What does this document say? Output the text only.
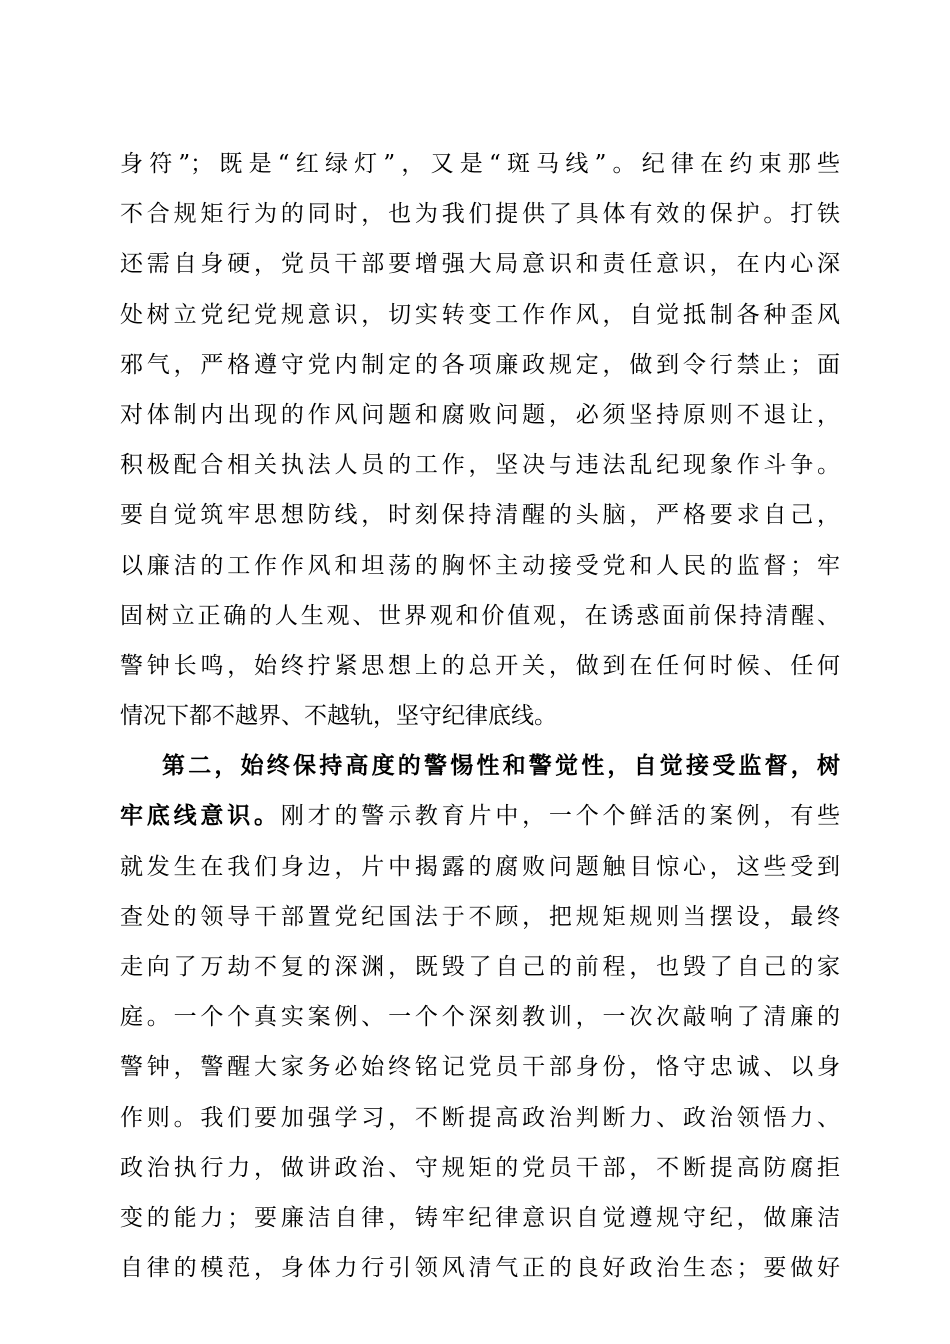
身符”；既是“红绿灯”，又是“斑马线”。纪律在约束那些
不合规矩行为的同时，也为我们提供了具体有效的保护。打铁
还需自身硬，党员干部要增强大局意识和责任意识，在内心深
处树立党纪党规意识，切实转变工作作风，自觉抵制各种歪风
邪气，严格遵守党内制定的各项廉政规定，做到令行禁止；面
对体制内出现的作风问题和腐败问题，必须坚持原则不退让，
积极配合相关执法人员的工作，坚决与违法乱纪现象作斗争。
要自觉筑牢思想防线，时刻保持清醒的头脑，严格要求自己，
以廉洁的工作作风和坦荡的胸怀主动接受党和人民的监督；牢
固树立正确的人生观、世界观和价值观，在诱惑面前保持清醒、
警钟长鸣，始终拧紧思想上的总开关，做到在任何时候、任何
情况下都不越界、不越轨，坚守纪律底线。
第二，始终保持高度的警惕性和警觉性，自觉接受监督，树
牢底线意识。刚才的警示教育片中，一个个鲜活的案例，有些
就发生在我们身边，片中揭露的腐败问题触目惊心，这些受到
查处的领导干部置党纪国法于不顾，把规矩规则当摆设，最终
走向了万劫不复的深渊，既毁了自己的前程，也毁了自己的家
庭。一个个真实案例、一个个深刻教训，一次次敲响了清廉的
警钟，警醒大家务必始终铭记党员干部身份，恪守忠诚、以身
作则。我们要加强学习，不断提高政治判断力、政治领悟力、
政治执行力，做讲政治、守规矩的党员干部，不断提高防腐拒
变的能力；要廉洁自律，铸牢纪律意识自觉遵规守纪，做廉洁
自律的模范，身体力行引领风清气正的良好政治生态；要做好
